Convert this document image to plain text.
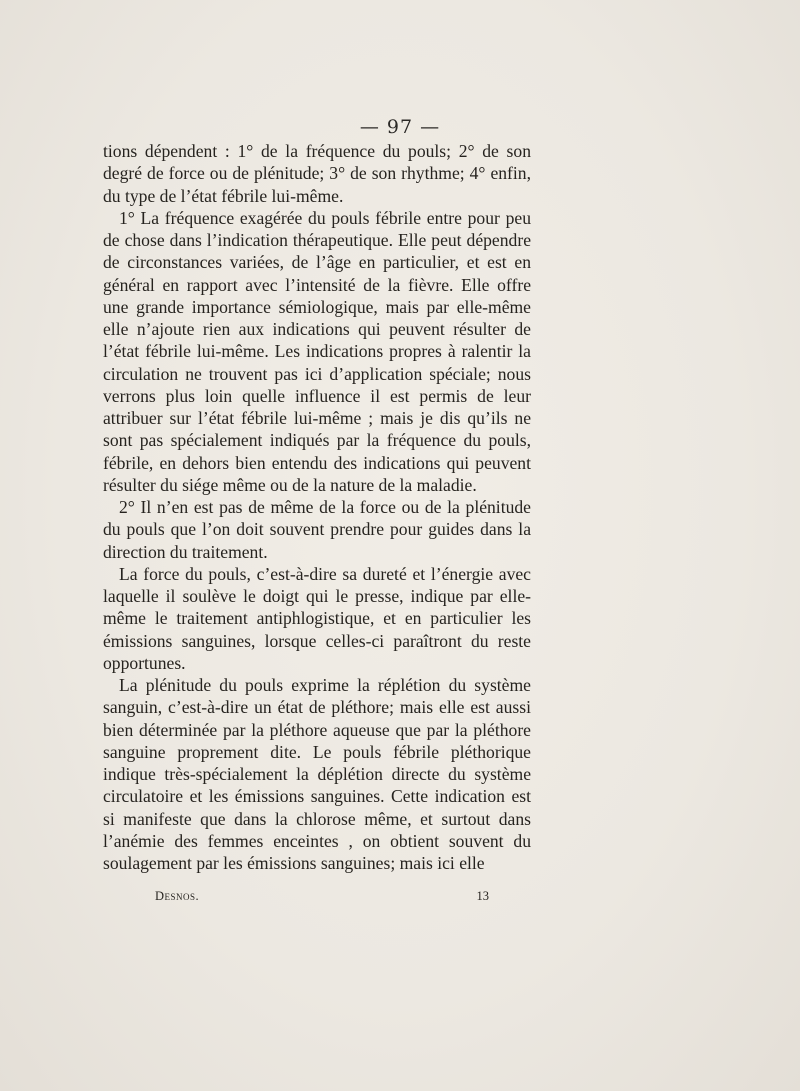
— 97 —

tions dépendent : 1° de la fréquence du pouls; 2° de son degré de force ou de plénitude; 3° de son rhythme; 4° enfin, du type de l’état fébrile lui-même.

1° La fréquence exagérée du pouls fébrile entre pour peu de chose dans l’indication thérapeutique. Elle peut dépendre de circonstances variées, de l’âge en particulier, et est en général en rapport avec l’intensité de la fièvre. Elle offre une grande importance sémiologique, mais par elle-même elle n’ajoute rien aux indications qui peuvent résulter de l’état fébrile lui-même. Les indications propres à ralentir la circulation ne trouvent pas ici d’application spéciale; nous verrons plus loin quelle influence il est permis de leur attribuer sur l’état fébrile lui-même ; mais je dis qu’ils ne sont pas spécialement indiqués par la fréquence du pouls, fébrile, en dehors bien entendu des indications qui peuvent résulter du siége même ou de la nature de la maladie.

2° Il n’en est pas de même de la force ou de la plénitude du pouls que l’on doit souvent prendre pour guides dans la direction du traitement.

La force du pouls, c’est-à-dire sa dureté et l’énergie avec laquelle il soulève le doigt qui le presse, indique par elle-même le traitement antiphlogistique, et en particulier les émissions sanguines, lorsque celles-ci paraîtront du reste opportunes.

La plénitude du pouls exprime la réplétion du système sanguin, c’est-à-dire un état de pléthore; mais elle est aussi bien déterminée par la pléthore aqueuse que par la pléthore sanguine proprement dite. Le pouls fébrile pléthorique indique très-spécialement la déplétion directe du système circulatoire et les émissions sanguines. Cette indication est si manifeste que dans la chlorose même, et surtout dans l’anémie des femmes enceintes , on obtient souvent du soulagement par les émissions sanguines; mais ici elle

Desnos.	13
